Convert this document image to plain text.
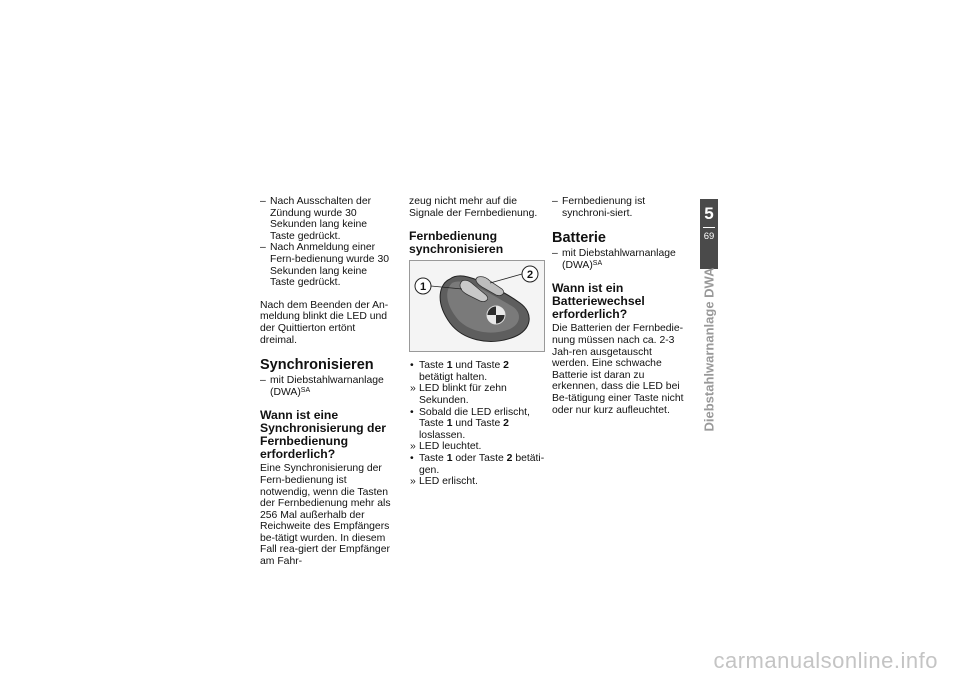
– Nach Ausschalten der Zündung wurde 30 Sekunden lang keine Taste gedrückt.

– Nach Anmeldung einer Fern-bedienung wurde 30 Sekunden lang keine Taste gedrückt.

Nach dem Beenden der An-meldung blinkt die LED und der Quittierton ertönt dreimal.

Synchronisieren

– mit Diebstahlwarnanlage (DWA)$^{SA}$

Wann ist eine Synchronisierung der Fernbedienung erforderlich?

Eine Synchronisierung der Fern-bedienung ist notwendig, wenn die Tasten der Fernbedienung mehr als 256 Mal außerhalb der Reichweite des Empfängers be-tätigt wurden. In diesem Fall rea-giert der Empfänger am Fahr-

zeug nicht mehr auf die Signale der Fernbedienung.

Fernbedienung synchronisieren
1
2

• Taste 1 und Taste 2 betätigt halten.

» LED blinkt für zehn Sekunden.

• Sobald die LED erlischt, Taste 1 und Taste 2 loslassen.

» LED leuchtet.

• Taste 1 oder Taste 2 betäti-gen.

» LED erlischt.

– Fernbedienung ist synchroni-siert.

Batterie

– mit Diebstahlwarnanlage (DWA)$^{SA}$

Wann ist ein Batteriewechsel erforderlich?

Die Batterien der Fernbedie-nung müssen nach ca. 2-3 Jah-ren ausgetauscht werden. Eine schwache Batterie ist daran zu erkennen, dass die LED bei Be-tätigung einer Taste nicht oder nur kurz aufleuchtet.

5
69
Diebstahlwarnanlage DWA
carmanualsonline.info
